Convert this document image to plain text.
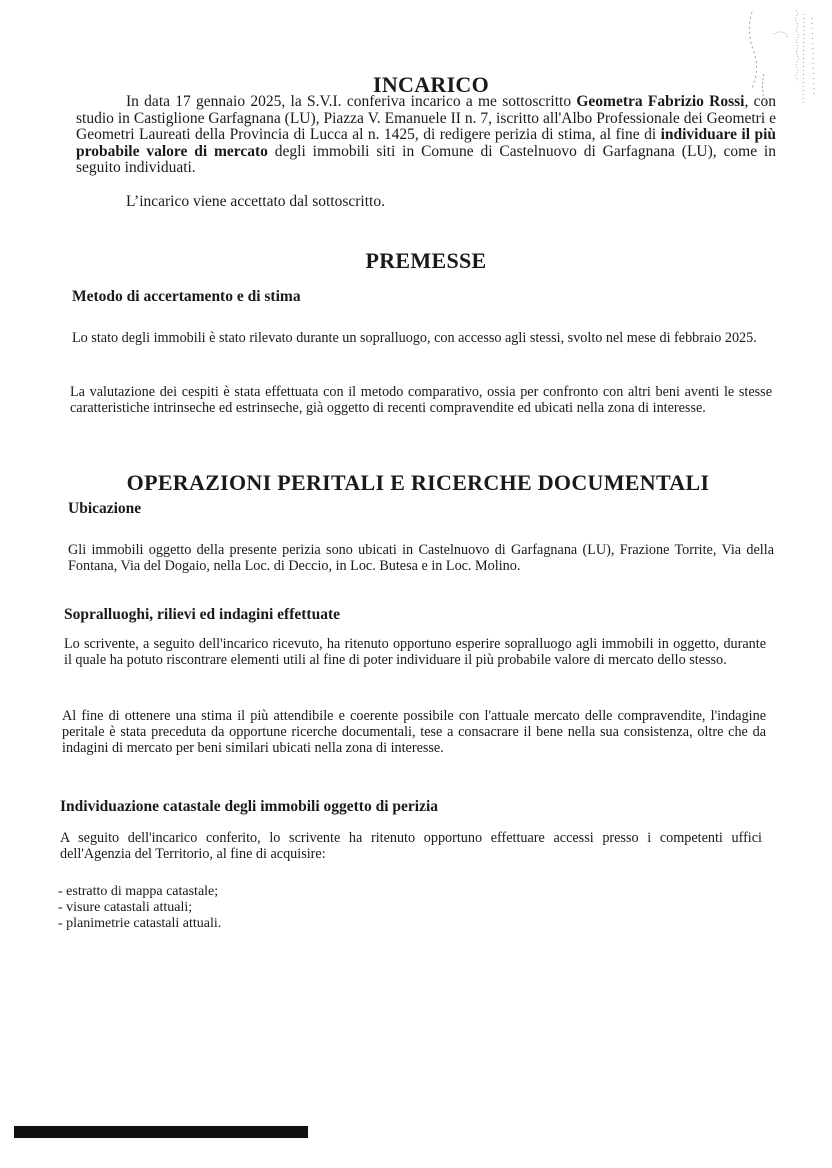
INCARICO

In data 17 gennaio 2025, la S.V.I. conferiva incarico a me sottoscritto Geometra Fabrizio Rossi, con studio in Castiglione Garfagnana (LU), Piazza V. Emanuele II n. 7, iscritto all'Albo Professionale dei Geometri e Geometri Laureati della Provincia di Lucca al n. 1425, di redigere perizia di stima, al fine di individuare il più probabile valore di mercato degli immobili siti in Comune di Castelnuovo di Garfagnana (LU), come in seguito individuati.

L’incarico viene accettato dal sottoscritto.

PREMESSE
Metodo di accertamento e di stima

Lo stato degli immobili è stato rilevato durante un sopralluogo, con accesso agli stessi, svolto nel mese di febbraio 2025.

La valutazione dei cespiti è stata effettuata con il metodo comparativo, ossia per confronto con altri beni aventi le stesse caratteristiche intrinseche ed estrinseche, già oggetto di recenti compravendite ed ubicati nella zona di interesse.

OPERAZIONI PERITALI E RICERCHE DOCUMENTALI
Ubicazione

Gli immobili oggetto della presente perizia sono ubicati in Castelnuovo di Garfagnana (LU), Frazione Torrite, Via della Fontana, Via del Dogaio, nella Loc. di Deccio, in Loc. Butesa e in Loc. Molino.

Sopralluoghi, rilievi ed indagini effettuate

Lo scrivente, a seguito dell'incarico ricevuto, ha ritenuto opportuno esperire sopralluogo agli immobili in oggetto, durante il quale ha potuto riscontrare elementi utili al fine di poter individuare il più probabile valore di mercato dello stesso.

Al fine di ottenere una stima il più attendibile e coerente possibile con l'attuale mercato delle compravendite, l'indagine peritale è stata preceduta da opportune ricerche documentali, tese a consacrare il bene nella sua consistenza, oltre che da indagini di mercato per beni similari ubicati nella zona di interesse.

Individuazione catastale degli immobili oggetto di perizia

A seguito dell'incarico conferito, lo scrivente ha ritenuto opportuno effettuare accessi presso i competenti uffici dell'Agenzia del Territorio, al fine di acquisire:

- estratto di mappa catastale;
- visure catastali attuali;
- planimetrie catastali attuali.
